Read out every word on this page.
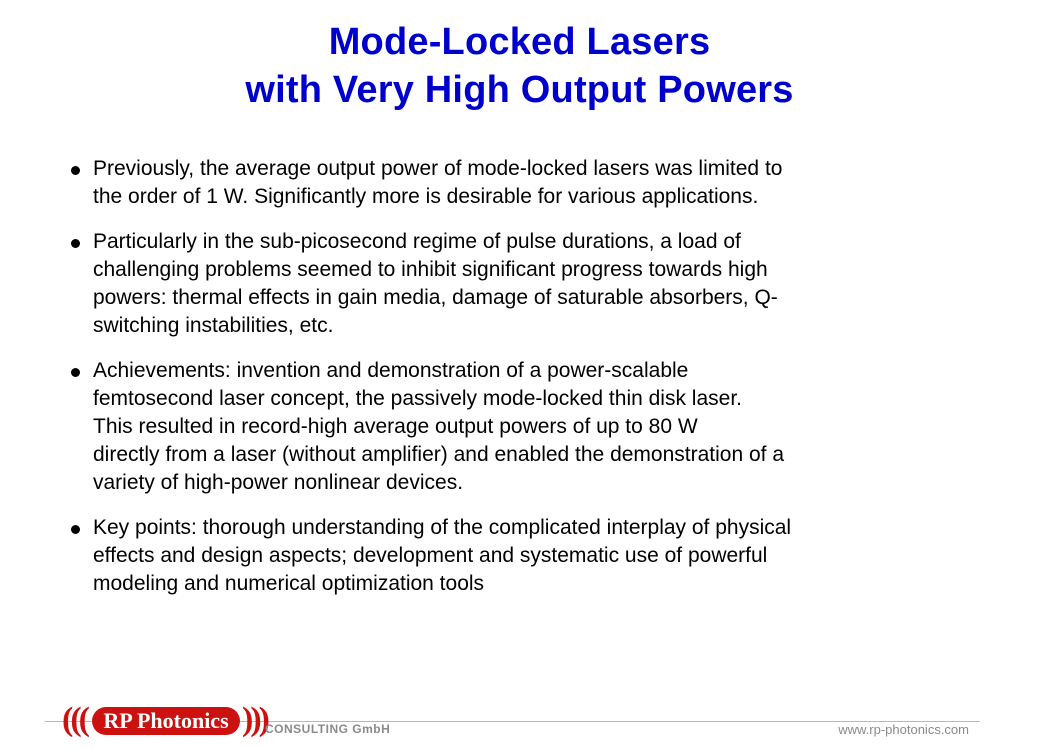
Mode-Locked Lasers
with Very High Output Powers
Previously, the average output power of mode-locked lasers was limited to
the order of 1 W. Significantly more is desirable for various applications.
Particularly in the sub-picosecond regime of pulse durations, a load of
challenging problems seemed to inhibit significant progress towards high
powers: thermal effects in gain media, damage of saturable absorbers, Q-
switching instabilities, etc.
Achievements: invention and demonstration of a power-scalable
femtosecond laser concept, the passively mode-locked thin disk laser.
This resulted in record-high average output powers of up to 80 W
directly from a laser (without amplifier) and enabled the demonstration of a
variety of high-power nonlinear devices.
Key points: thorough understanding of the complicated interplay of physical
effects and design aspects; development and systematic use of powerful
modeling and numerical optimization tools
((( RP Photonics )))
CONSULTING GmbH	www.rp-photonics.com
